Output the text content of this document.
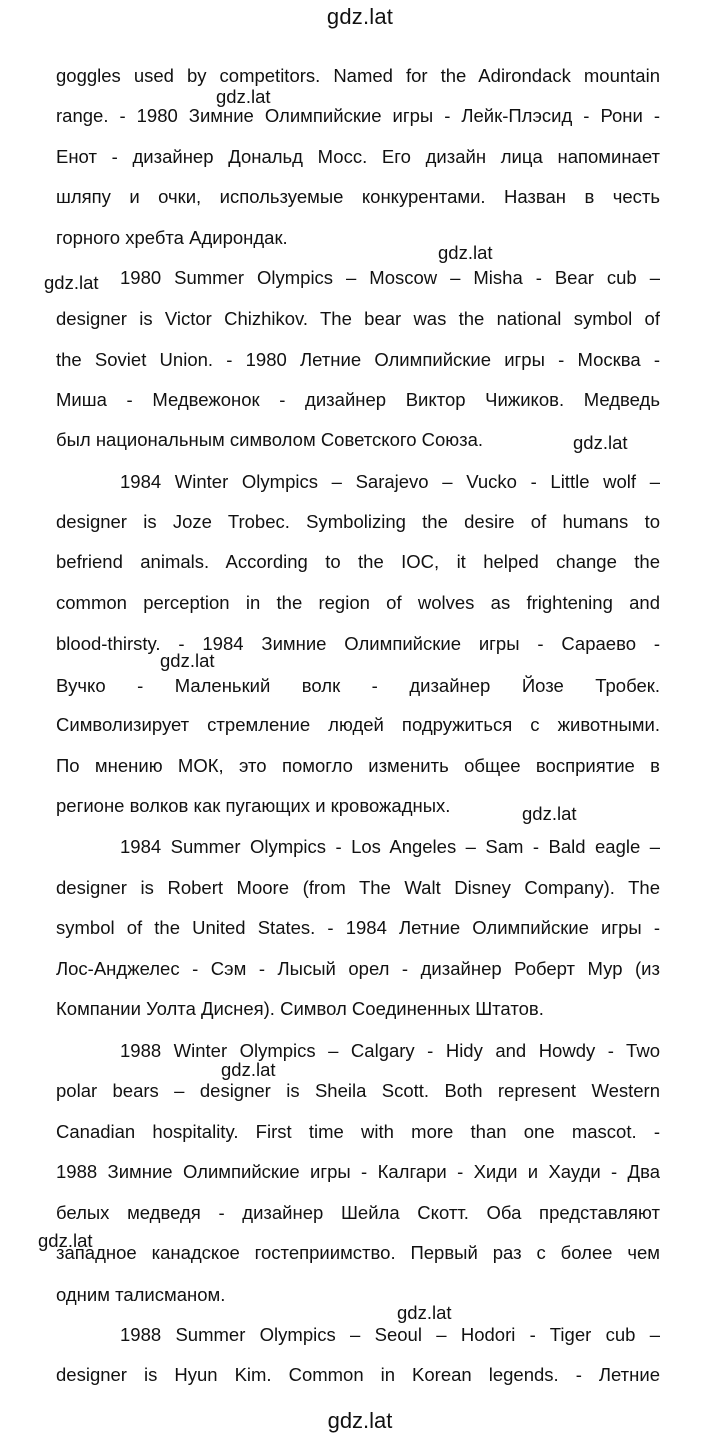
gdz.lat
goggles used by competitors. Named for the Adirondack mountain
range. - 1980 Зимние Олимпийские игры - Лейк-Плэсид - Рони -
Енот - дизайнер Дональд Мосс. Его дизайн лица напоминает
шляпу и очки, используемые конкурентами. Назван в честь
горного хребта Адирондак.
1980 Summer Olympics – Moscow – Misha - Bear cub –
designer is Victor Chizhikov. The bear was the national symbol of
the Soviet Union. - 1980 Летние Олимпийские игры - Москва -
Миша - Медвежонок - дизайнер Виктор Чижиков. Медведь
был национальным символом Советского Союза.
1984 Winter Olympics – Sarajevo – Vucko - Little wolf –
designer is Joze Trobec. Symbolizing the desire of humans to
befriend animals. According to the IOC, it helped change the
common perception in the region of wolves as frightening and
blood-thirsty. - 1984 Зимние Олимпийские игры - Сараево -
Вучко - Маленький волк - дизайнер Йозе Тробек.
Символизирует стремление людей подружиться с животными.
По мнению МОК, это помогло изменить общее восприятие в
регионе волков как пугающих и кровожадных.
1984 Summer Olympics - Los Angeles – Sam - Bald eagle –
designer is Robert Moore (from The Walt Disney Company). The
symbol of the United States. - 1984 Летние Олимпийские игры -
Лос-Анджелес - Сэм - Лысый орел - дизайнер Роберт Мур (из
Компании Уолта Диснея). Символ Соединенных Штатов.
1988 Winter Olympics – Calgary - Hidy and Howdy - Two
polar bears – designer is Sheila Scott. Both represent Western
Canadian hospitality. First time with more than one mascot. -
1988 Зимние Олимпийские игры - Калгари - Хиди и Хауди - Два
белых медведя - дизайнер Шейла Скотт. Оба представляют
западное канадское гостеприимство. Первый раз с более чем
одним талисманом.
1988 Summer Olympics – Seoul – Hodori - Tiger cub –
designer is Hyun Kim. Common in Korean legends. - Летние
gdz.lat
gdz.lat
gdz.lat
gdz.lat
gdz.lat
gdz.lat
gdz.lat
gdz.lat
gdz.lat
gdz.lat
